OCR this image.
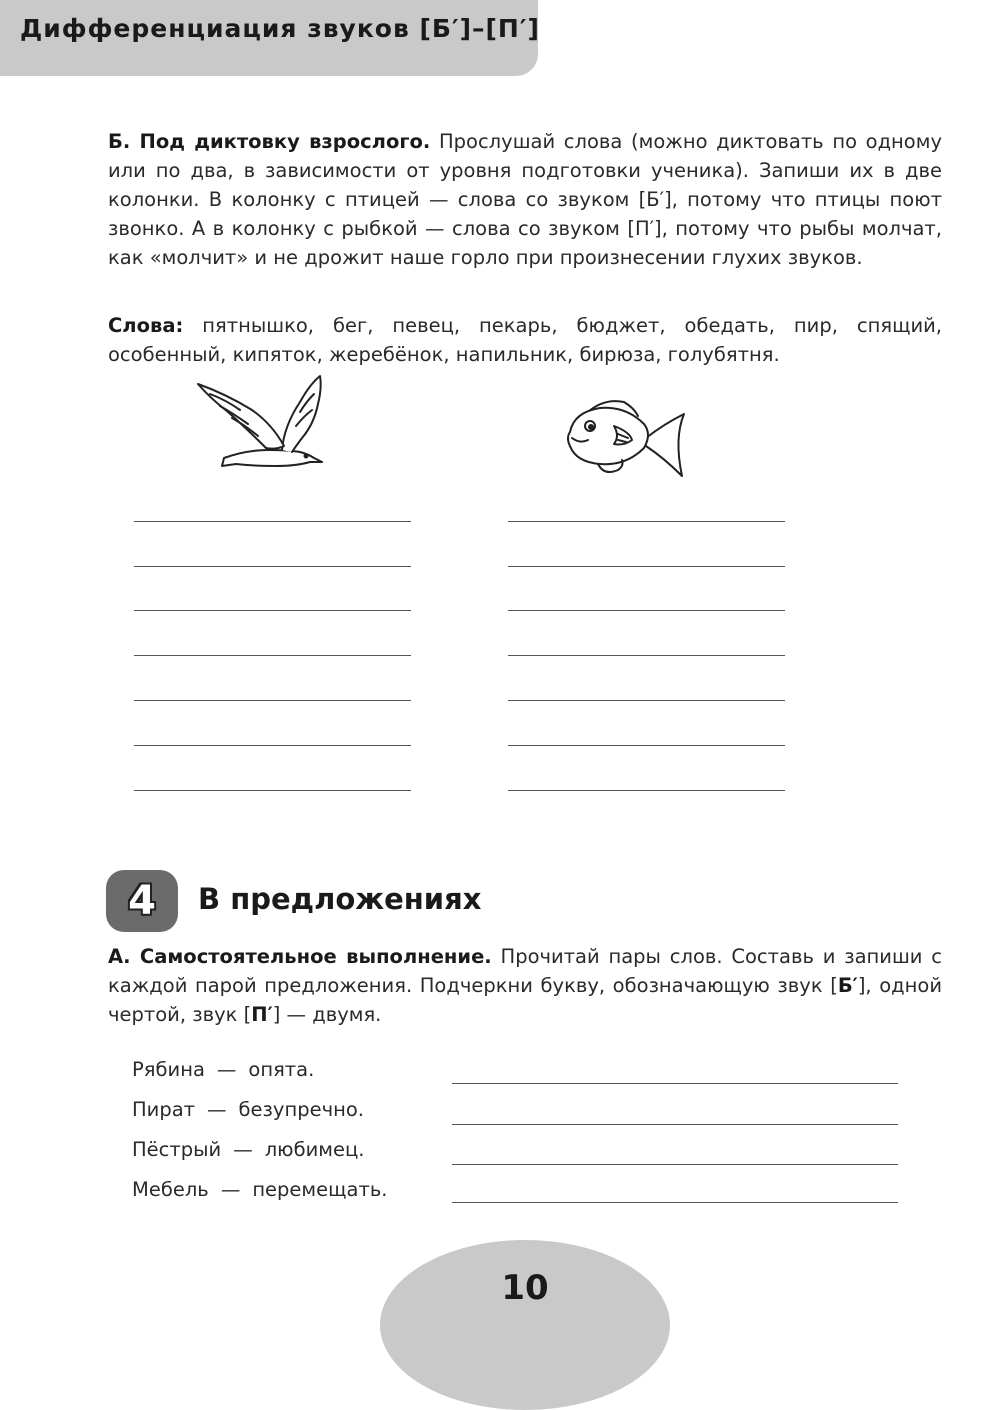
Дифференциация звуков [Б′]–[П′]

Б. Под диктовку взрослого. Прослушай слова (можно диктовать по одному или по два, в зависимости от уровня подготовки ученика). Запиши их в две колонки. В колонку с птицей — слова со звуком [Б′], потому что птицы поют звонко. А в колонку с рыбкой — слова со звуком [П′], потому что рыбы молчат, как «молчит» и не дрожит наше горло при произнесении глухих звуков.

Слова: пятнышко, бег, певец, пекарь, бюджет, обедать, пир, спящий, особенный, кипяток, жеребёнок, напильник, бирюза, голубятня.

4 В предложениях

А. Самостоятельное выполнение. Прочитай пары слов. Составь и запиши с каждой парой предложения. Подчеркни букву, обозначающую звук [Б′], одной чертой, звук [П′] — двумя.

Рябина — опята.
Пират — безупречно.
Пёстрый — любимец.
Мебель — перемещать.
10
